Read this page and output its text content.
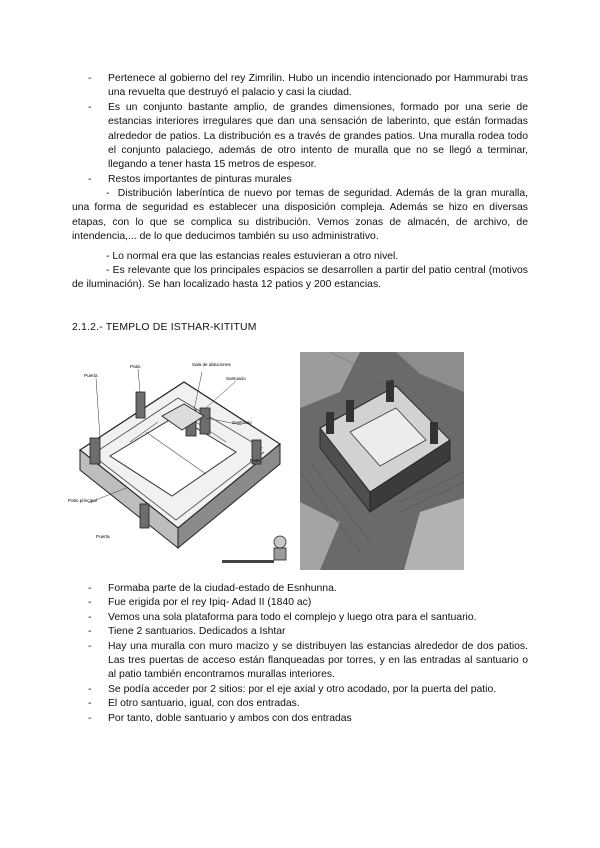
- Pertenece al gobierno del rey Zimrilin. Hubo un incendio intencionado por Hammurabi tras una revuelta que destruyó el palacio y casi la ciudad.
- Es un conjunto bastante amplio, de grandes dimensiones, formado por una serie de estancias interiores irregulares que dan una sensación de laberinto, que están formadas alrededor de patios. La distribución es a través de grandes patios. Una muralla rodea todo el conjunto palaciego, además de otro intento de muralla que no se llegó a terminar, llegando a tener hasta 15 metros de espesor.
- Restos importantes de pinturas murales
- Distribución laberíntica de nuevo por temas de seguridad. Además de la gran muralla, una forma de seguridad es establecer una disposición compleja. Además se hizo en diversas etapas, con lo que se complica su distribución. Vemos zonas de almacén, de archivo, de intendencia,... de lo que deducimos también su uso administrativo.
- Lo normal era que las estancias reales estuvieran a otro nivel.
- Es relevante que los principales espacios se desarrollen a partir del patio central (motivos de iluminación). Se han localizado hasta 12 patios y 200 estancias.
2.1.2.- TEMPLO DE ISTHAR-KITITUM
Puerta
Patio	Sala de abluciones
Santuario
Santuario
Patio
Patio principal
Puerta
- Formaba parte de la ciudad-estado de Esnhunna.
- Fue erigida por el rey Ipiq- Adad II (1840 ac)
- Vemos una sola plataforma para todo el complejo y luego otra para el santuario.
- Tiene 2 santuarios. Dedicados a Ishtar
- Hay una muralla con muro macizo y se distribuyen las estancias alrededor de dos patios. Las tres puertas de acceso están flanqueadas por torres, y en las entradas al santuario o al patio también encontramos murallas interiores.
- Se podía acceder por 2 sitios: por el eje axial y otro acodado, por la puerta del patio.
- El otro santuario, igual, con dos entradas.
- Por tanto, doble santuario y ambos con dos entradas
